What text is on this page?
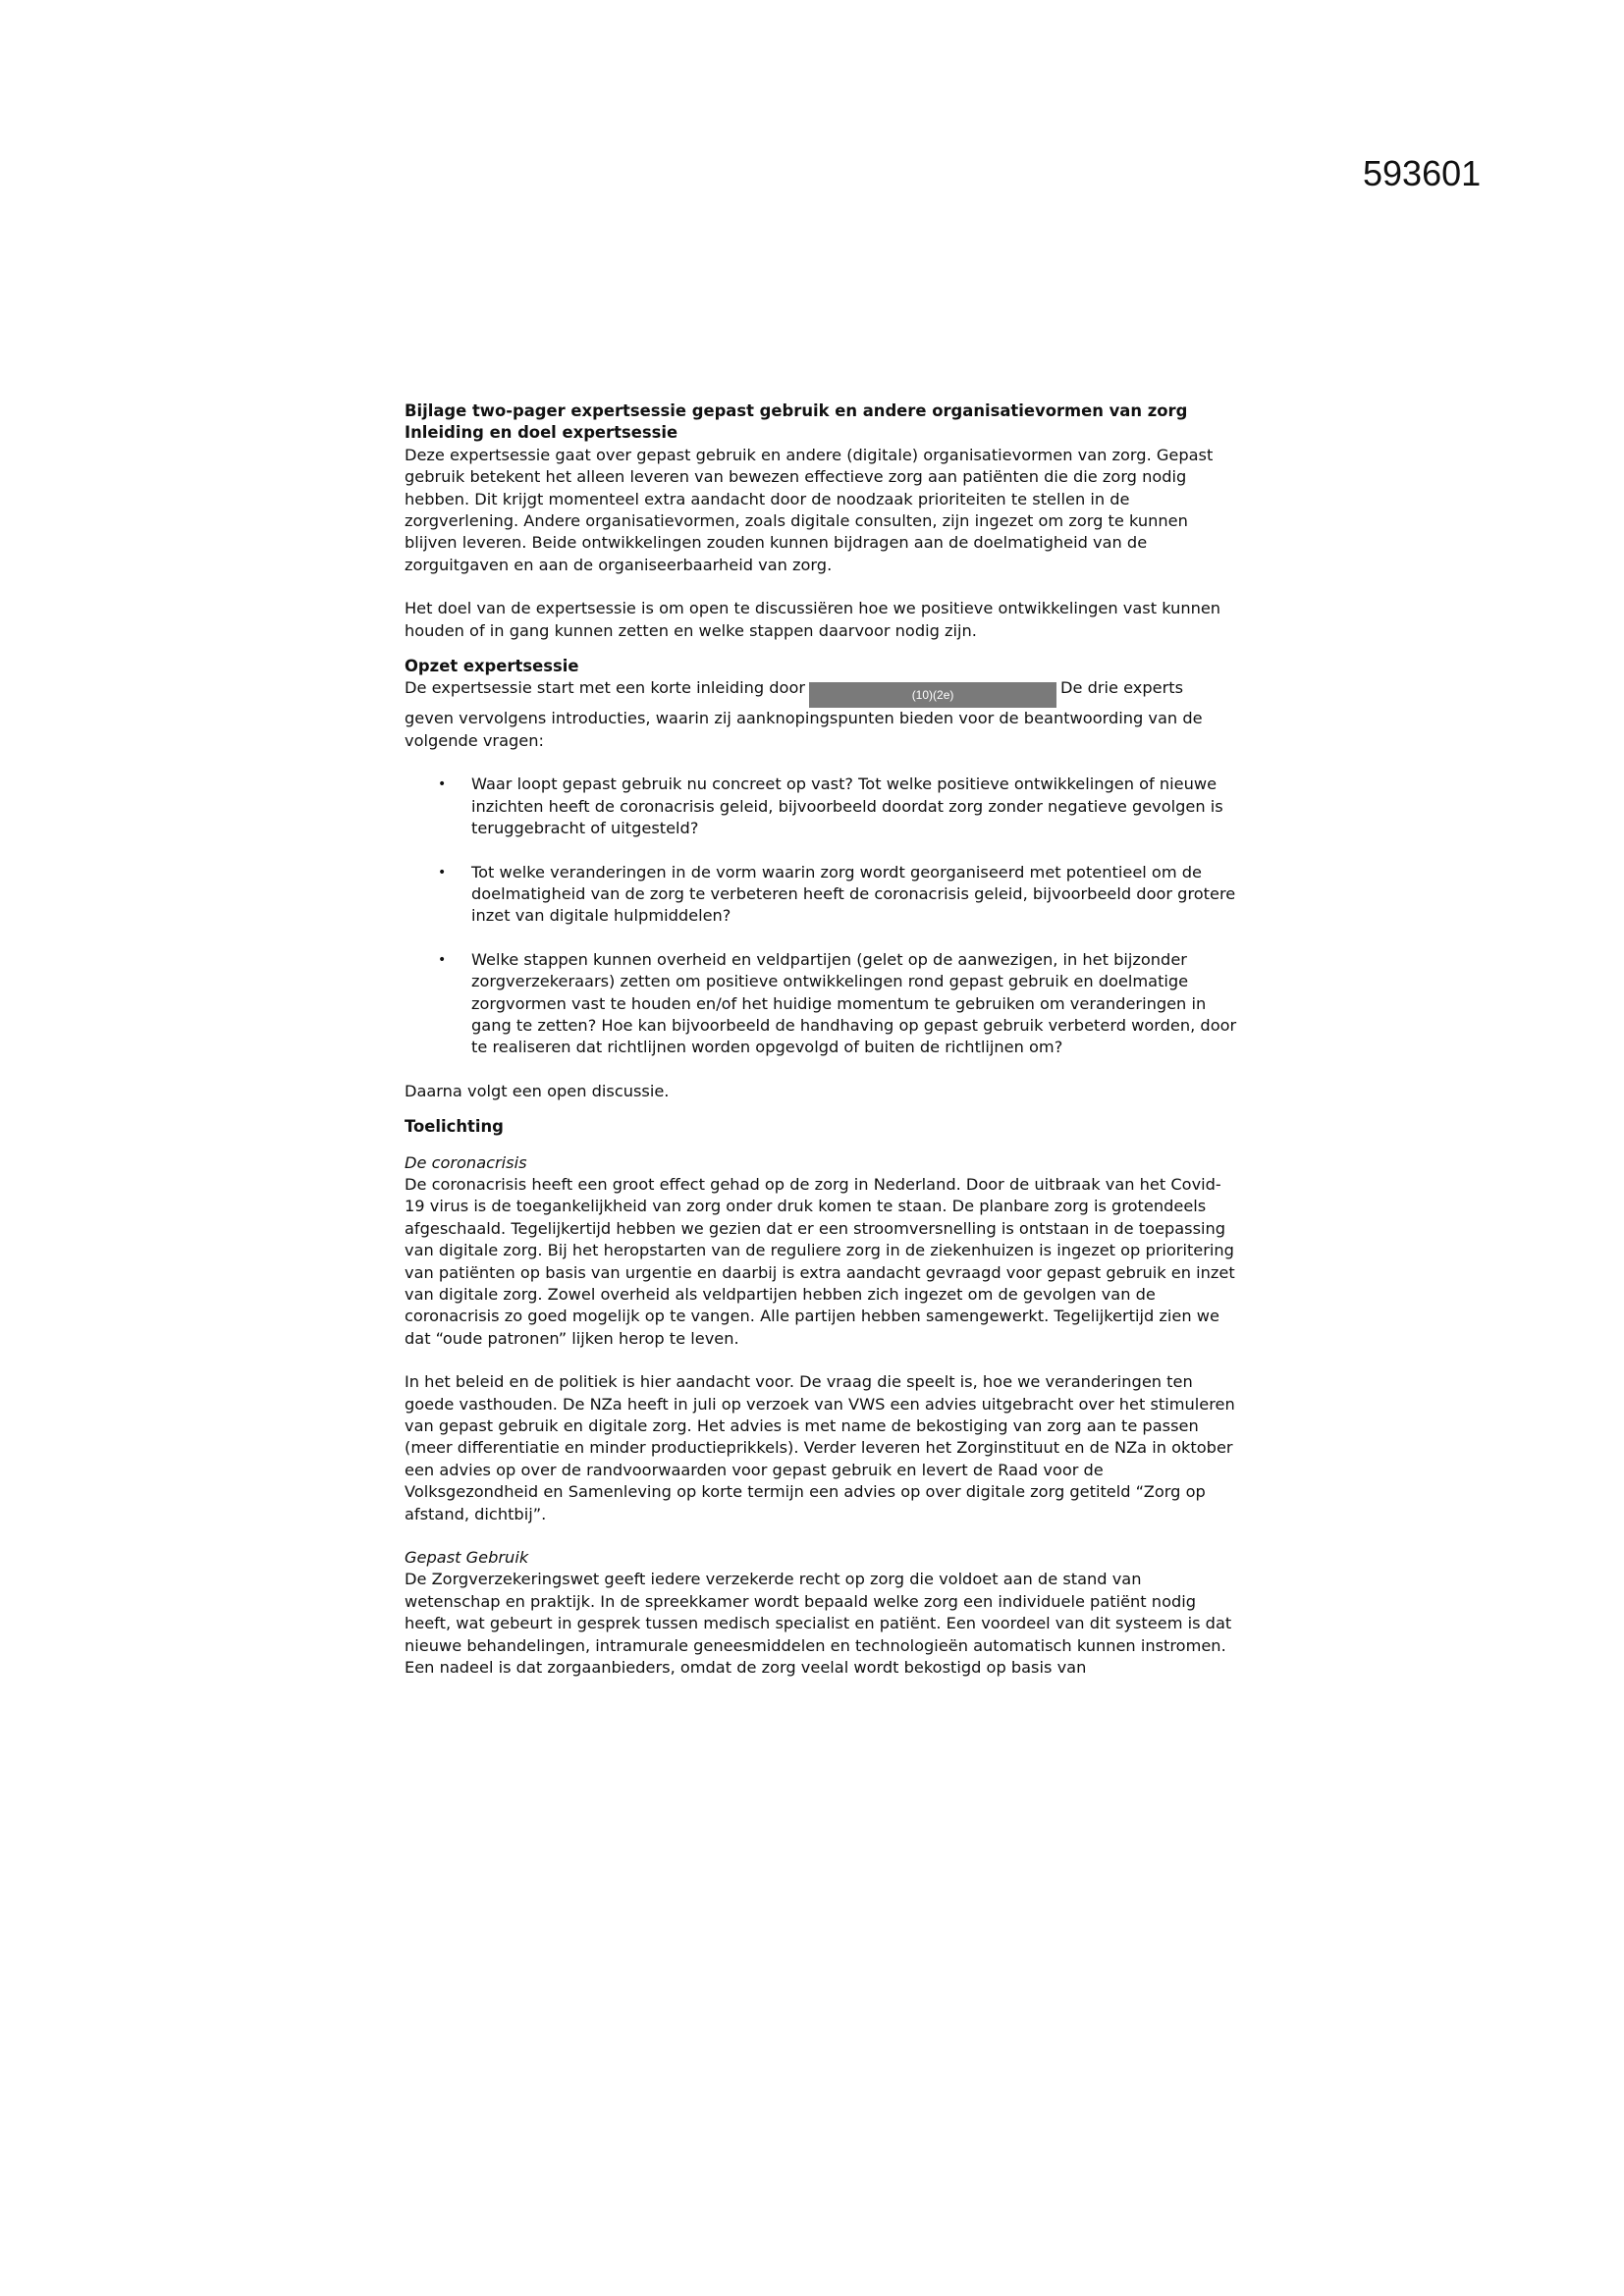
593601

Bijlage two-pager expertsessie gepast gebruik en andere organisatievormen van zorg

Inleiding en doel expertsessie

Deze expertsessie gaat over gepast gebruik en andere (digitale) organisatievormen van zorg. Gepast gebruik betekent het alleen leveren van bewezen effectieve zorg aan patiënten die die zorg nodig hebben. Dit krijgt momenteel extra aandacht door de noodzaak prioriteiten te stellen in de zorgverlening. Andere organisatievormen, zoals digitale consulten, zijn ingezet om zorg te kunnen blijven leveren. Beide ontwikkelingen zouden kunnen bijdragen aan de doelmatigheid van de zorguitgaven en aan de organiseerbaarheid van zorg.

Het doel van de expertsessie is om open te discussiëren hoe we positieve ontwikkelingen vast kunnen houden of in gang kunnen zetten en welke stappen daarvoor nodig zijn.

Opzet expertsessie

De expertsessie start met een korte inleiding door	(10)(2e)	De drie experts geven vervolgens introducties, waarin zij aanknopingspunten bieden voor de beantwoording van de volgende vragen:

• Waar loopt gepast gebruik nu concreet op vast? Tot welke positieve ontwikkelingen of nieuwe inzichten heeft de coronacrisis geleid, bijvoorbeeld doordat zorg zonder negatieve gevolgen is teruggebracht of uitgesteld?
• Tot welke veranderingen in de vorm waarin zorg wordt georganiseerd met potentieel om de doelmatigheid van de zorg te verbeteren heeft de coronacrisis geleid, bijvoorbeeld door grotere inzet van digitale hulpmiddelen?
• Welke stappen kunnen overheid en veldpartijen (gelet op de aanwezigen, in het bijzonder zorgverzekeraars) zetten om positieve ontwikkelingen rond gepast gebruik en doelmatige zorgvormen vast te houden en/of het huidige momentum te gebruiken om veranderingen in gang te zetten? Hoe kan bijvoorbeeld de handhaving op gepast gebruik verbeterd worden, door te realiseren dat richtlijnen worden opgevolgd of buiten de richtlijnen om?

Daarna volgt een open discussie.

Toelichting

De coronacrisis

De coronacrisis heeft een groot effect gehad op de zorg in Nederland. Door de uitbraak van het Covid-19 virus is de toegankelijkheid van zorg onder druk komen te staan. De planbare zorg is grotendeels afgeschaald. Tegelijkertijd hebben we gezien dat er een stroomversnelling is ontstaan in de toepassing van digitale zorg. Bij het heropstarten van de reguliere zorg in de ziekenhuizen is ingezet op prioritering van patiënten op basis van urgentie en daarbij is extra aandacht gevraagd voor gepast gebruik en inzet van digitale zorg. Zowel overheid als veldpartijen hebben zich ingezet om de gevolgen van de coronacrisis zo goed mogelijk op te vangen. Alle partijen hebben samengewerkt. Tegelijkertijd zien we dat “oude patronen” lijken herop te leven.

In het beleid en de politiek is hier aandacht voor. De vraag die speelt is, hoe we veranderingen ten goede vasthouden. De NZa heeft in juli op verzoek van VWS een advies uitgebracht over het stimuleren van gepast gebruik en digitale zorg. Het advies is met name de bekostiging van zorg aan te passen (meer differentiatie en minder productieprikkels). Verder leveren het Zorginstituut en de NZa in oktober een advies op over de randvoorwaarden voor gepast gebruik en levert de Raad voor de Volksgezondheid en Samenleving op korte termijn een advies op over digitale zorg getiteld “Zorg op afstand, dichtbij”.

Gepast Gebruik

De Zorgverzekeringswet geeft iedere verzekerde recht op zorg die voldoet aan de stand van wetenschap en praktijk. In de spreekkamer wordt bepaald welke zorg een individuele patiënt nodig heeft, wat gebeurt in gesprek tussen medisch specialist en patiënt. Een voordeel van dit systeem is dat nieuwe behandelingen, intramurale geneesmiddelen en technologieën automatisch kunnen instromen. Een nadeel is dat zorgaanbieders, omdat de zorg veelal wordt bekostigd op basis van
